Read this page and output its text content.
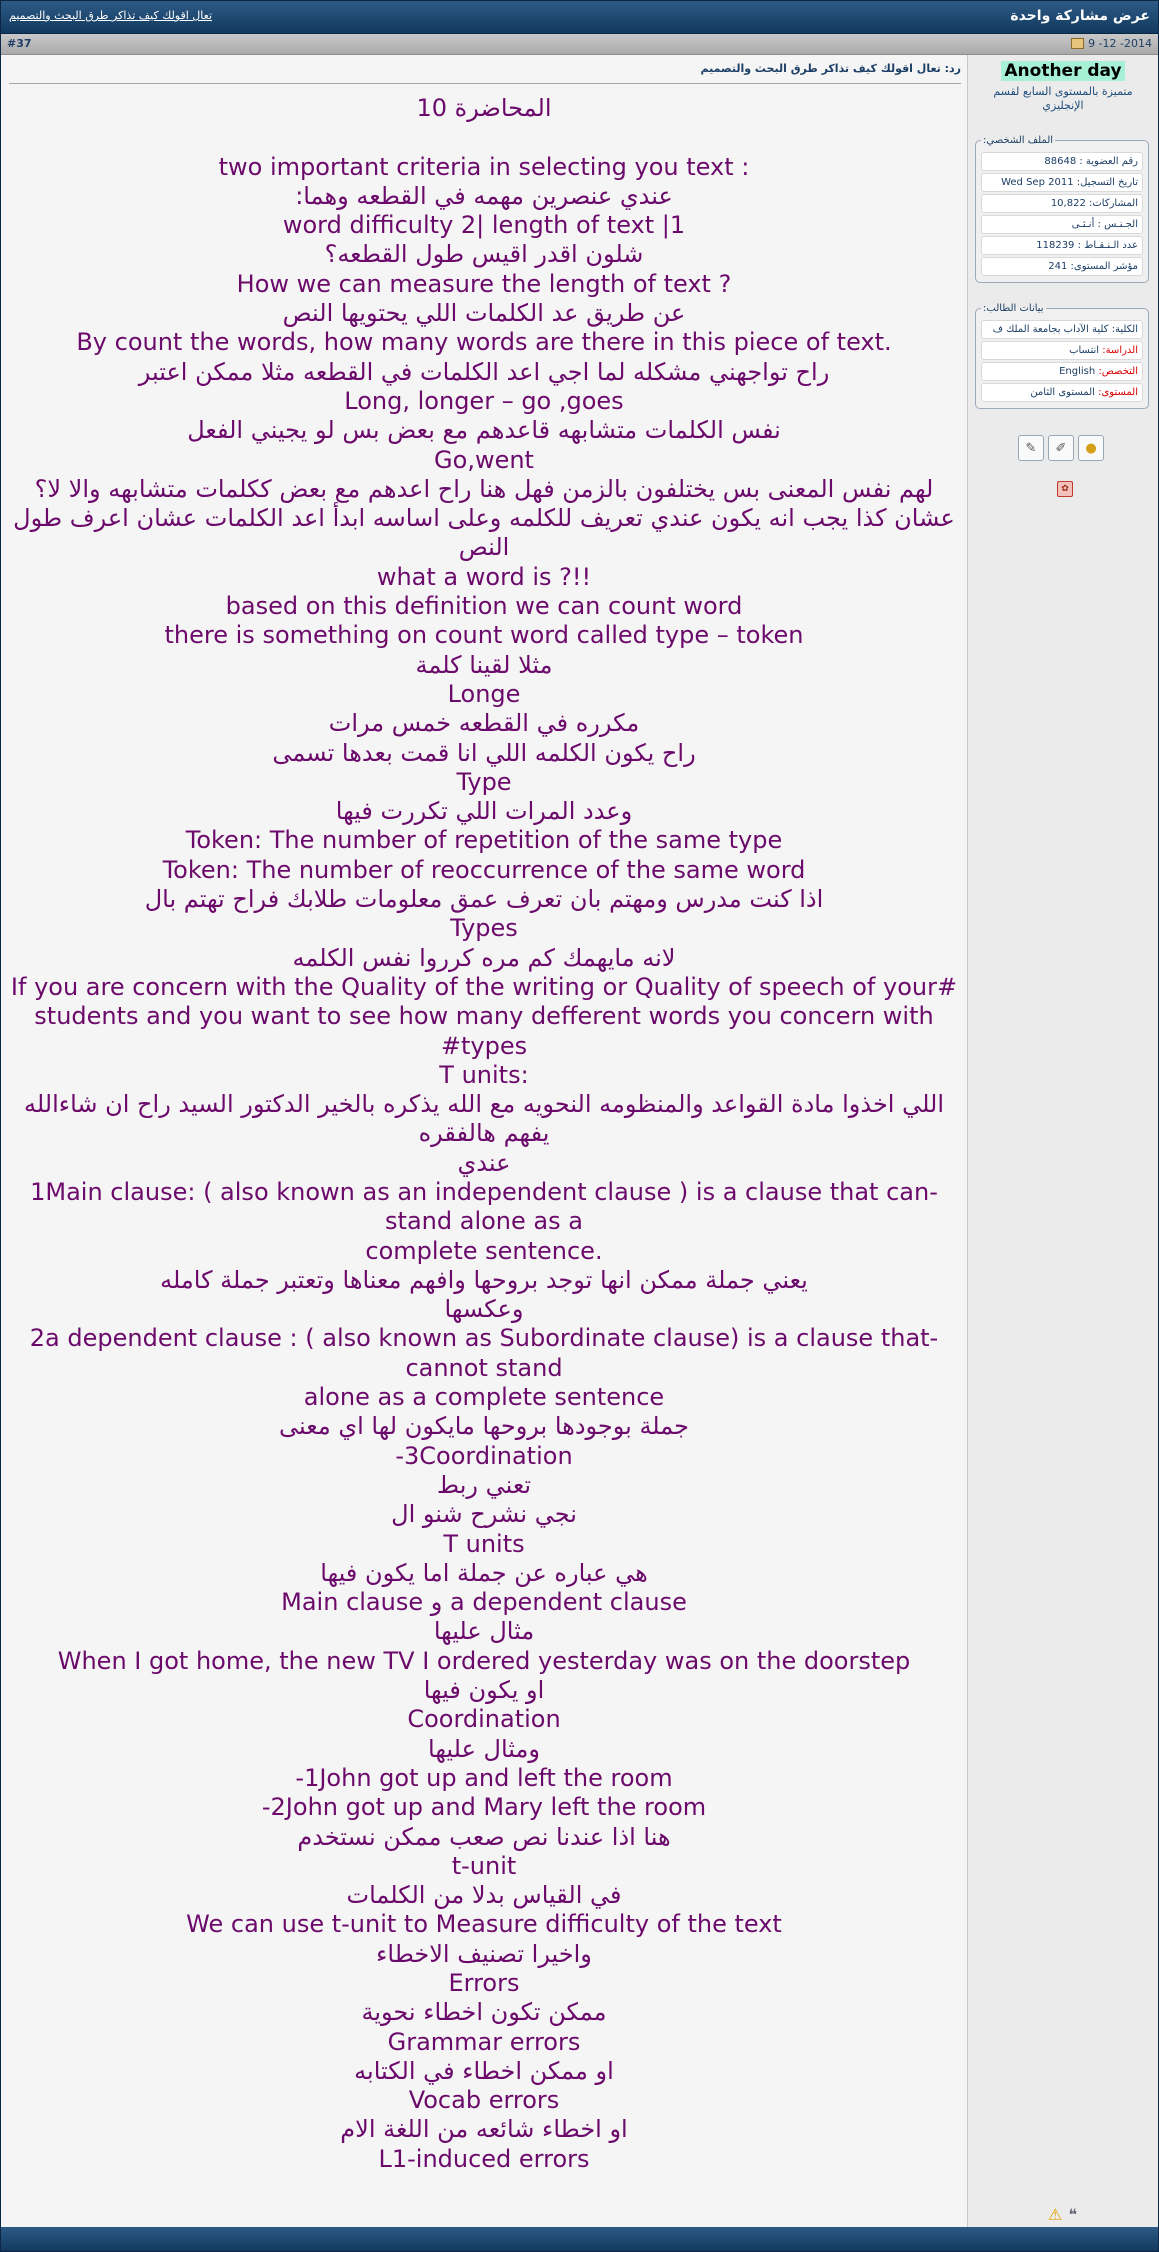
تعال اقولك كيف تذاكر طرق البحث والتصميم	عرض مشاركة واحدة
#37	2014- 12- 9
رد: تعال اقولك كيف تذاكر طرق البحث والتصميم
المحاضرة 10

: two important criteria in selecting you text
عندي عنصرين مهمه في القطعه وهما:
word difficulty 2| length of text |1
شلون اقدر اقيس طول القطعه؟
? How we can measure the length of text
عن طريق عد الكلمات اللي يحتويها النص
.By count the words, how many words are there in this piece of text
راح تواجهني مشكله لما اجي اعد الكلمات في القطعه مثلا ممكن اعتبر
Long, longer – go ,goes
نفس الكلمات متشابهه قاعدهم مع بعض بس لو يجيني الفعل
Go,went
لهم نفس المعنى بس يختلفون بالزمن فهل هنا راح اعدهم مع بعض ككلمات متشابهه والا لا؟
عشان كذا يجب انه يكون عندي تعريف للكلمه وعلى اساسه ابدأ اعد الكلمات عشان اعرف طول النص
!!? what a word is
based on this definition we can count word
there is something on count word called type – token
مثلا لقينا كلمة
Longe
مكرره في القطعه خمس مرات
راح يكون الكلمه اللي انا قمت بعدها تسمى
Type
وعدد المرات اللي تكررت فيها
Token: The number of repetition of the same type
Token: The number of reoccurrence of the same word
اذا كنت مدرس ومهتم بان تعرف عمق معلومات طلابك فراح تهتم بال
Types
لانه مايهمك كم مره كرروا نفس الكلمه
If you are concern with the Quality of the writing or Quality of speech of your# students and you want to see how many defferent words you concern with #types
:T units
اللي اخذوا مادة القواعد والمنظومه النحويه مع الله يذكره بالخير الدكتور السيد راح ان شاءالله يفهم هالفقره
عندي
1Main clause: ( also known as an independent clause ) is a clause that can-stand alone as a
.complete sentence
يعني جملة ممكن انها توجد بروحها وافهم معناها وتعتبر جملة كامله
وعكسها
2a dependent clause : ( also known as Subordinate clause) is a clause that-cannot stand
alone as a complete sentence
جملة بوجودها بروحها مايكون لها اي معنى
3Coordination-
تعني ربط
نجي نشرح شنو ال
T units
هي عباره عن جملة اما يكون فيها
a dependent clause و Main clause
مثال عليها
When I got home, the new TV I ordered yesterday was on the doorstep
او يكون فيها
Coordination
ومثال عليها
1John got up and left the room-
2John got up and Mary left the room-
هنا اذا عندنا نص صعب ممكن نستخدم
t-unit
في القياس بدلا من الكلمات
We can use t-unit to Measure difficulty of the text
واخيرا تصنيف الاخطاء
Errors
ممكن تكون اخطاء نحوية
Grammar errors
او ممكن اخطاء في الكتابه
Vocab errors
او اخطاء شائعه من اللغة الام
L1-induced errors
Another day
متميزة بالمستوى السابع لقسم الإنجليزي
الملف الشخصي:
رقم العضوية : 88648
تاريخ التسجيل: Wed Sep 2011
المشاركات: 10,822
الجـنـس : أنـثـى
عدد الـنـقـاط : 118239
مؤشر المستوى: 241
بيانات الطالب:
الكلية: كلية الآداب بجامعة الملك ف
الدراسة: انتساب
التخصص: English
المستوى: المستوى الثامن
✎	✐	●
✿
⚠ ❝
